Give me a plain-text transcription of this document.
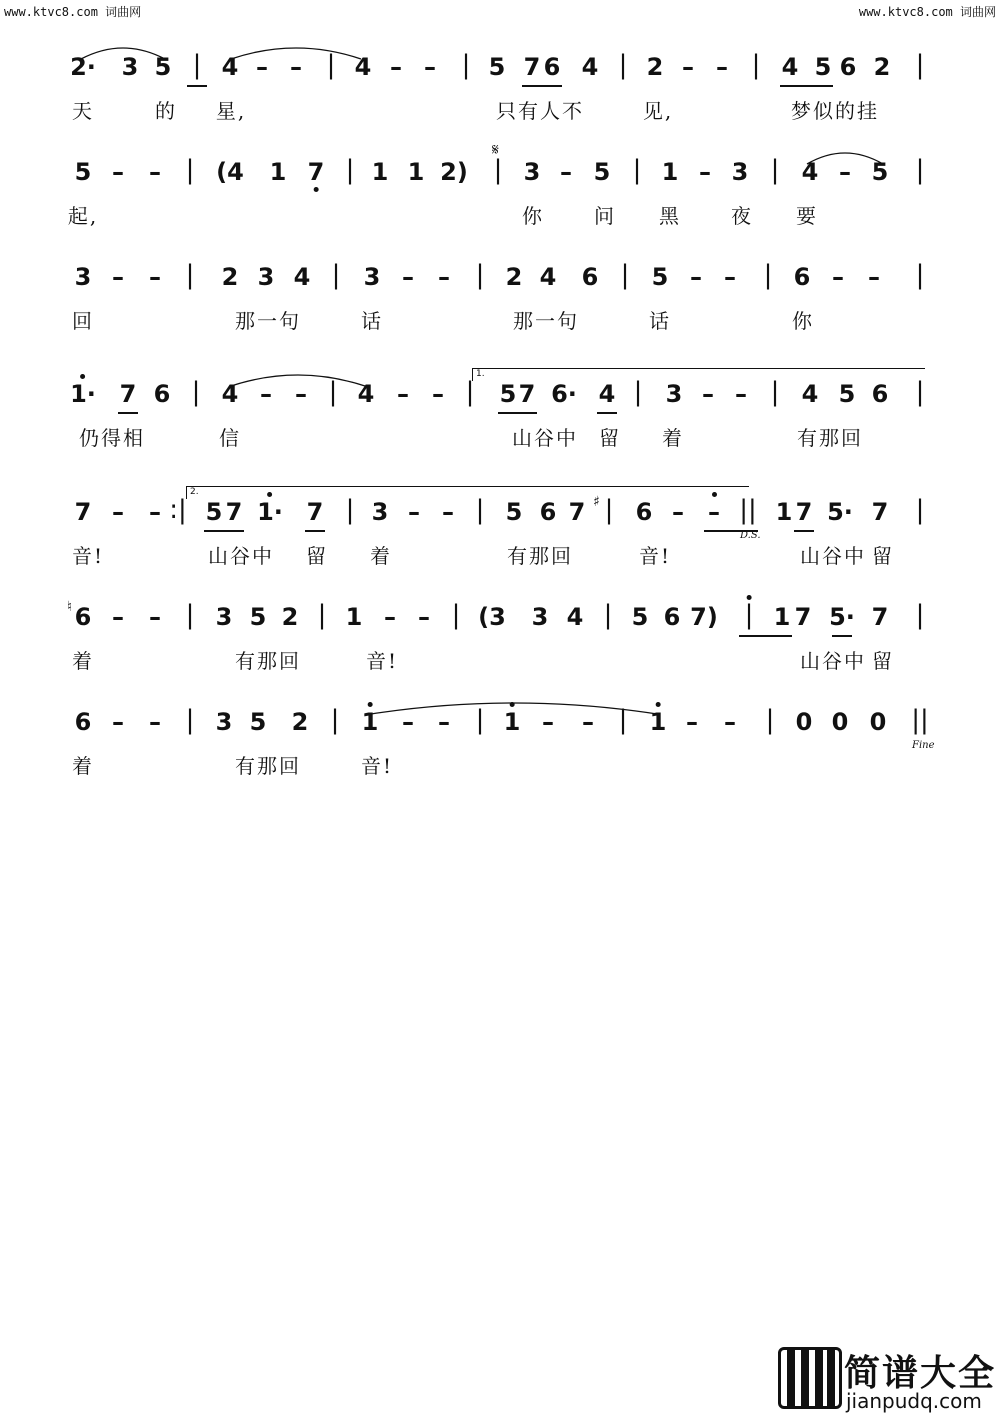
www.ktvc8.com 词曲网	www.ktvc8.com 词曲网
2· 3 5 | 4 – – | 4 – – | 5 7 6 4 | 2 – – | 4 5 6 2 |
天	的 星,	只有人不	见,	梦似的挂
5 – – | (4 1 7 | 1 1 2) | 3 – 5 | 1 – 3 | 4 – 5 |
起,	你	问 黑	夜 要
3 – – | 2 3 4 | 3 – – | 2 4 6 | 5 – – | 6 – – |
回	那一句	话	那一句	话	你
1· 7 6 | 4 – – | 4 – – | 5 7 6· 4 | 3 – – | 4 5 6 |
仍得相	信	山谷中 留 着	有那回
7 – – :| 5 7 1· 7 | 3 – – | 5 6 7 | 6 – – || 1 7 5· 7 |
音!	山谷中 留 着	有那回	音!	山谷中 留
6 – – | 3 5 2 | 1 – – | (3 3 4 | 5 6 7) | 1 7 5· 7 |
着	有那回	音!	山谷中 留
6 – – | 3 5 2 | 1 – – | 1 – – | 1 – – | 0 0 0 ||
着	有那回	音!
简谱大全
jianpudq.com
1.
2.
𝄋
D.S.
Fine
♯
♮
